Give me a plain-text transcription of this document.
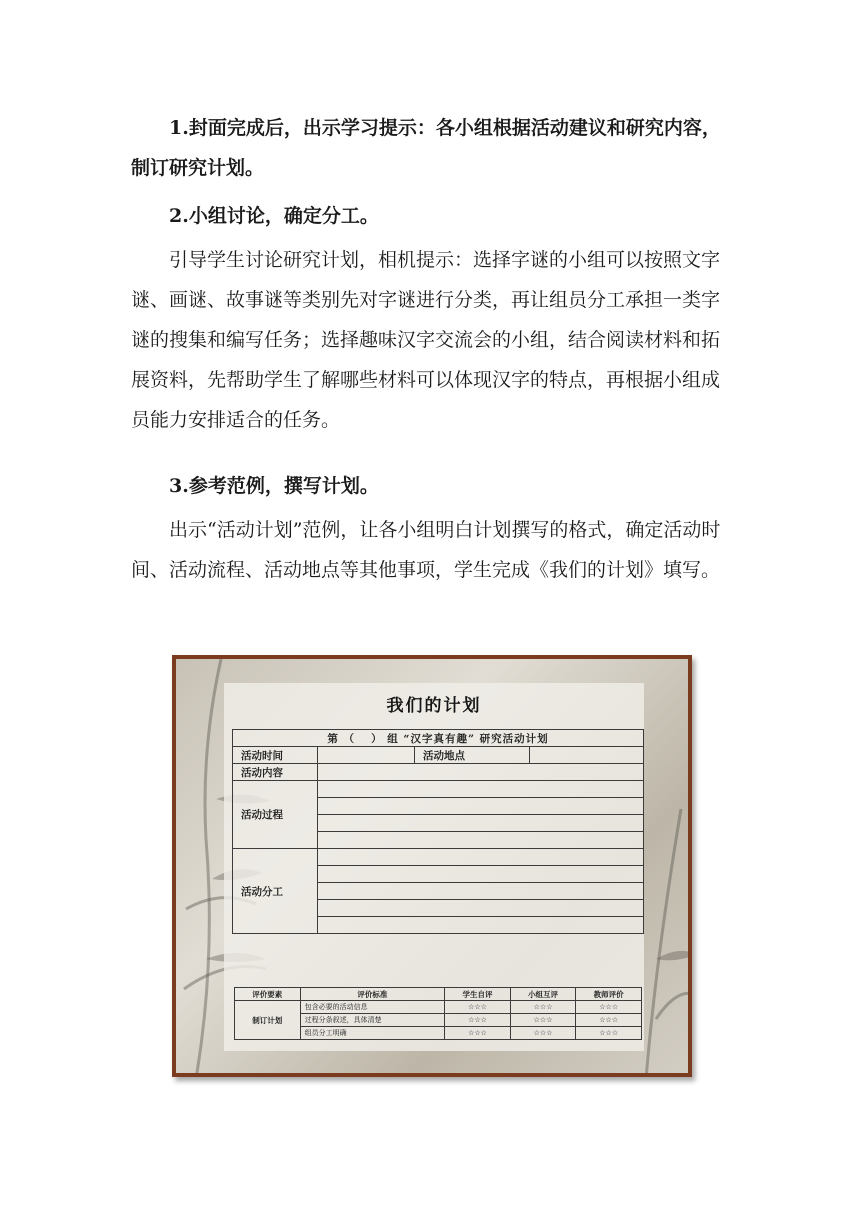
1.封面完成后，出示学习提示：各小组根据活动建议和研究内容，制订研究计划。

2.小组讨论，确定分工。

引导学生讨论研究计划，相机提示：选择字谜的小组可以按照文字谜、画谜、故事谜等类别先对字谜进行分类，再让组员分工承担一类字谜的搜集和编写任务；选择趣味汉字交流会的小组，结合阅读材料和拓展资料，先帮助学生了解哪些材料可以体现汉字的特点，再根据小组成员能力安排适合的任务。

3.参考范例，撰写计划。

出示“活动计划”范例，让各小组明白计划撰写的格式，确定活动时间、活动流程、活动地点等其他事项，学生完成《我们的计划》填写。

我们的计划
第 （　 ） 组 “汉字真有趣” 研究活动计划			
活动时间		活动地点	
活动内容			
活动过程			

活动分工			

评价要素	评价标准	学生自评	小组互评	教师评价
制订计划	包含必要的活动信息	☆☆☆	☆☆☆	☆☆☆
	过程分条叙述，具体清楚	☆☆☆	☆☆☆	☆☆☆
	组员分工明确	☆☆☆	☆☆☆	☆☆☆
